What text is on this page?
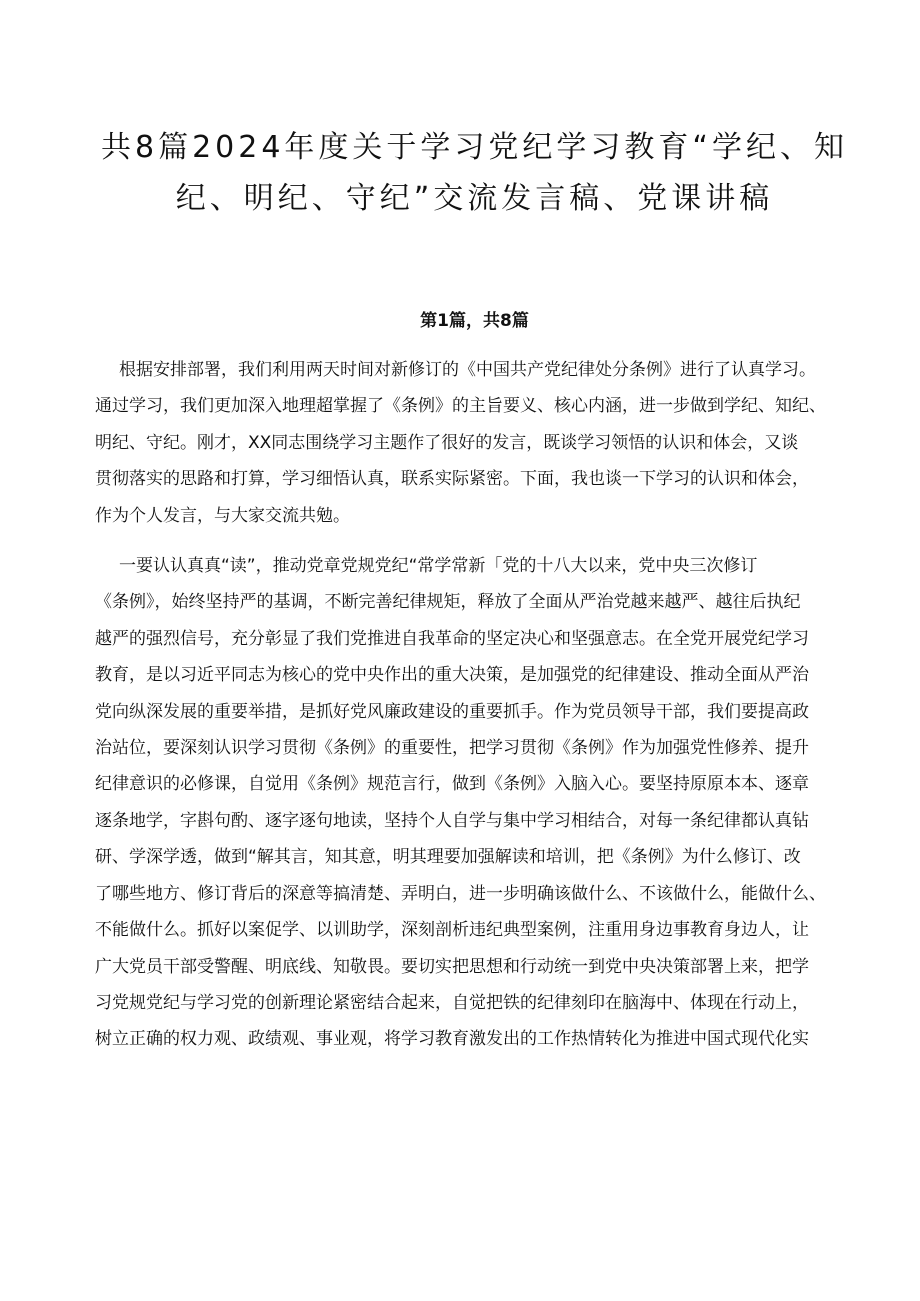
共8篇2024年度关于学习党纪学习教育“学纪、知
纪、明纪、守纪”交流发言稿、党课讲稿
第1篇，共8篇

根据安排部署，我们利用两天时间对新修订的《中国共产党纪律处分条例》进行了认真学习。
通过学习，我们更加深入地理超掌握了《条例》的主旨要义、核心内涵，进一步做到学纪、知纪、
明纪、守纪。刚才，XX同志围绕学习主题作了很好的发言，既谈学习领悟的认识和体会，又谈
贯彻落实的思路和打算，学习细悟认真，联系实际紧密。下面，我也谈一下学习的认识和体会，
作为个人发言，与大家交流共勉。

一要认认真真“读”，推动党章党规党纪“常学常新「党的十八大以来，党中央三次修订
《条例》，始终坚持严的基调，不断完善纪律规矩，释放了全面从严治党越来越严、越往后执纪
越严的强烈信号，充分彰显了我们党推进自我革命的坚定决心和坚强意志。在全党开展党纪学习
教育，是以习近平同志为核心的党中央作出的重大决策，是加强党的纪律建设、推动全面从严治
党向纵深发展的重要举措，是抓好党风廉政建设的重要抓手。作为党员领导干部，我们要提高政
治站位，要深刻认识学习贯彻《条例》的重要性，把学习贯彻《条例》作为加强党性修养、提升
纪律意识的必修课，自觉用《条例》规范言行，做到《条例》入脑入心。要坚持原原本本、逐章
逐条地学，字斟句酌、逐字逐句地读，坚持个人自学与集中学习相结合，对每一条纪律都认真钻
研、学深学透，做到“解其言，知其意，明其理要加强解读和培训，把《条例》为什么修订、改
了哪些地方、修订背后的深意等搞清楚、弄明白，进一步明确该做什么、不该做什么，能做什么、
不能做什么。抓好以案促学、以训助学，深刻剖析违纪典型案例，注重用身边事教育身边人，让
广大党员干部受警醒、明底线、知敬畏。要切实把思想和行动统一到党中央决策部署上来，把学
习党规党纪与学习党的创新理论紧密结合起来，自觉把铁的纪律刻印在脑海中、体现在行动上，
树立正确的权力观、政绩观、事业观，将学习教育激发出的工作热情转化为推进中国式现代化实
